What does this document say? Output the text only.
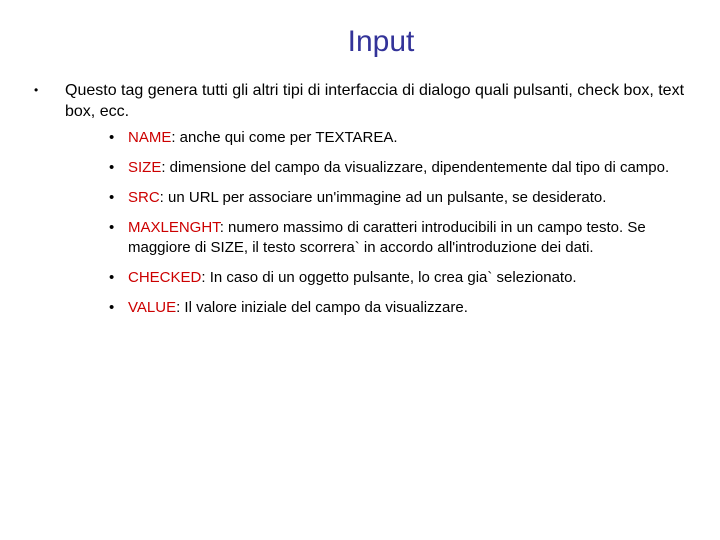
Input
• Questo tag genera tutti gli altri tipi di interfaccia di dialogo quali pulsanti, check box, text box, ecc.
• NAME: anche qui come per TEXTAREA.
• SIZE: dimensione del campo da visualizzare, dipendentemente dal tipo di campo.
• SRC: un URL per associare un'immagine ad un pulsante, se desiderato.
• MAXLENGHT: numero massimo di caratteri introducibili in un campo testo. Se maggiore di SIZE, il testo scorrera` in accordo all'introduzione dei dati.
• CHECKED: In caso di un oggetto pulsante, lo crea gia` selezionato.
• VALUE: Il valore iniziale del campo da visualizzare.
